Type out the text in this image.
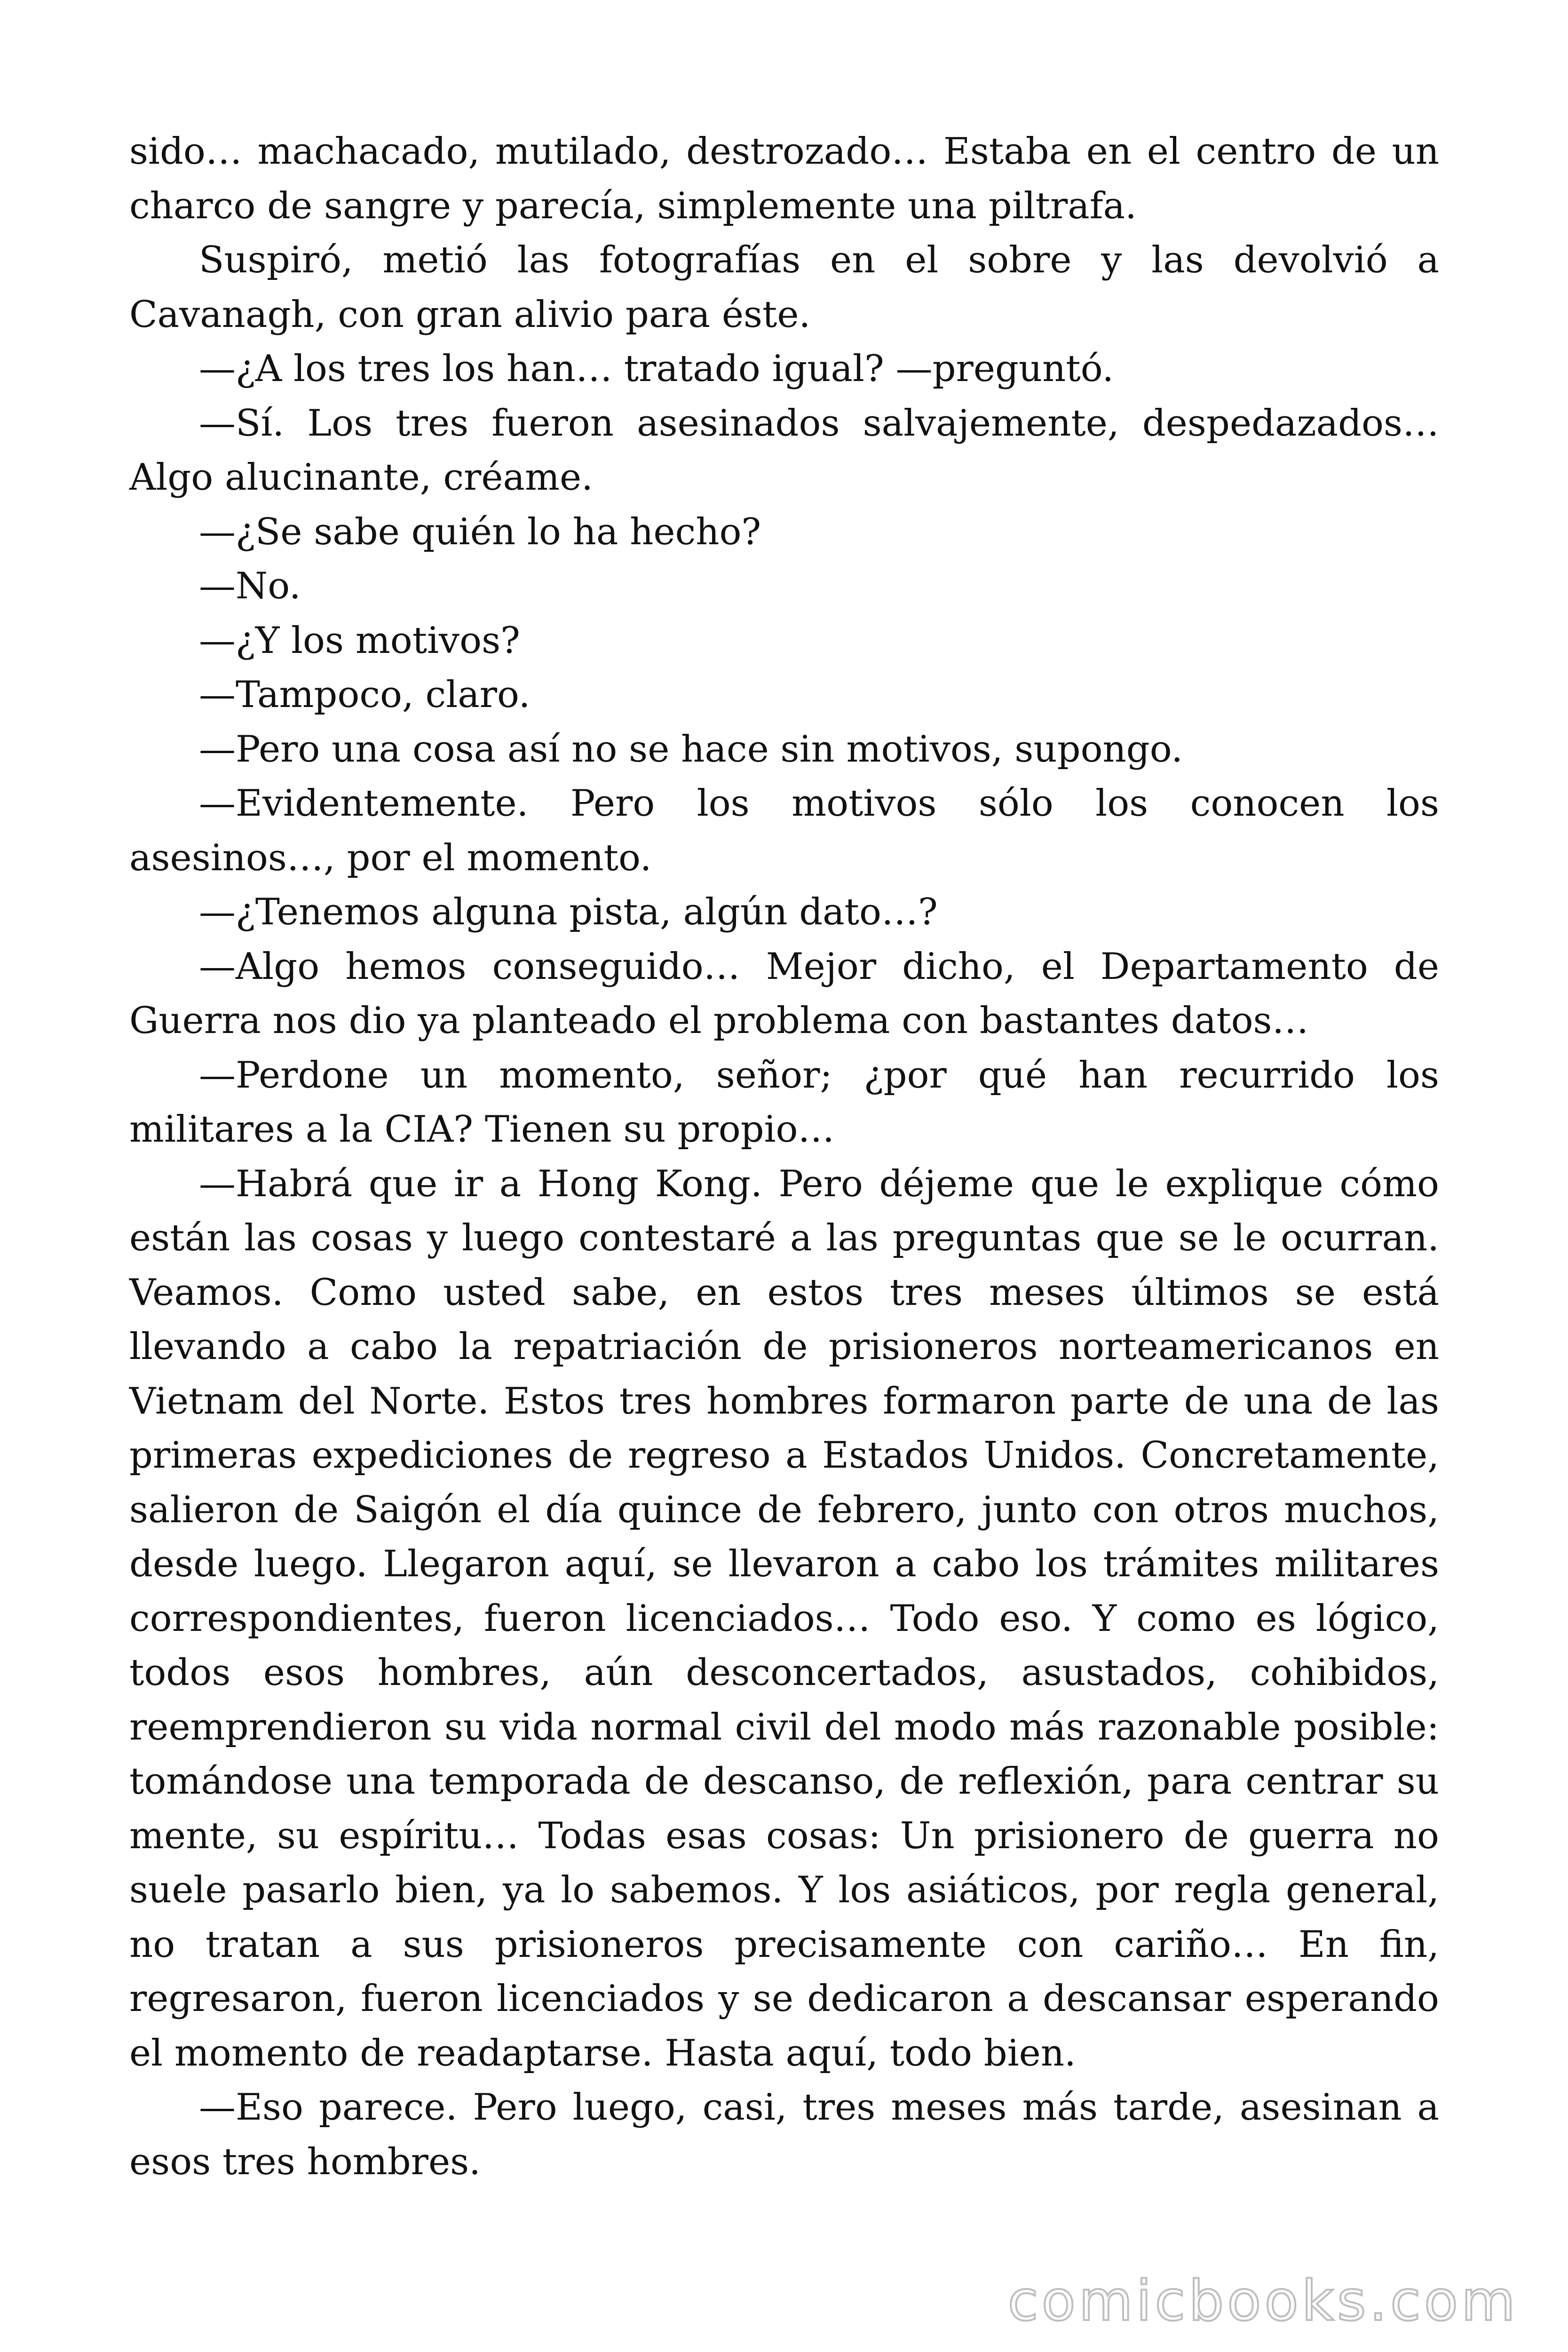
sido… machacado, mutilado, destrozado… Estaba en el centro de un charco de sangre y parecía, simplemente una piltrafa.

Suspiró, metió las fotografías en el sobre y las devolvió a Cavanagh, con gran alivio para éste.

—¿A los tres los han… tratado igual? —preguntó.

—Sí. Los tres fueron asesinados salvajemente, despedazados… Algo alucinante, créame.

—¿Se sabe quién lo ha hecho?

—No.

—¿Y los motivos?

—Tampoco, claro.

—Pero una cosa así no se hace sin motivos, supongo.

—Evidentemente. Pero los motivos sólo los conocen los asesinos…, por el momento.

—¿Tenemos alguna pista, algún dato…?

—Algo hemos conseguido… Mejor dicho, el Departamento de Guerra nos dio ya planteado el problema con bastantes datos…

—Perdone un momento, señor; ¿por qué han recurrido los militares a la CIA? Tienen su propio…

—Habrá que ir a Hong Kong. Pero déjeme que le explique cómo están las cosas y luego contestaré a las preguntas que se le ocurran. Veamos. Como usted sabe, en estos tres meses últimos se está llevando a cabo la repatriación de prisioneros norteamericanos en Vietnam del Norte. Estos tres hombres formaron parte de una de las primeras expediciones de regreso a Estados Unidos. Concretamente, salieron de Saigón el día quince de febrero, junto con otros muchos, desde luego. Llegaron aquí, se llevaron a cabo los trámites militares correspondientes, fueron licenciados… Todo eso. Y como es lógico, todos esos hombres, aún desconcertados, asustados, cohibidos, reemprendieron su vida normal civil del modo más razonable posible: tomándose una temporada de descanso, de reflexión, para centrar su mente, su espíritu… Todas esas cosas: Un prisionero de guerra no suele pasarlo bien, ya lo sabemos. Y los asiáticos, por regla general, no tratan a sus prisioneros precisamente con cariño… En fin, regresaron, fueron licenciados y se dedicaron a descansar esperando el momento de readaptarse. Hasta aquí, todo bien.

—Eso parece. Pero luego, casi, tres meses más tarde, asesinan a esos tres hombres.

comicbooks.com
